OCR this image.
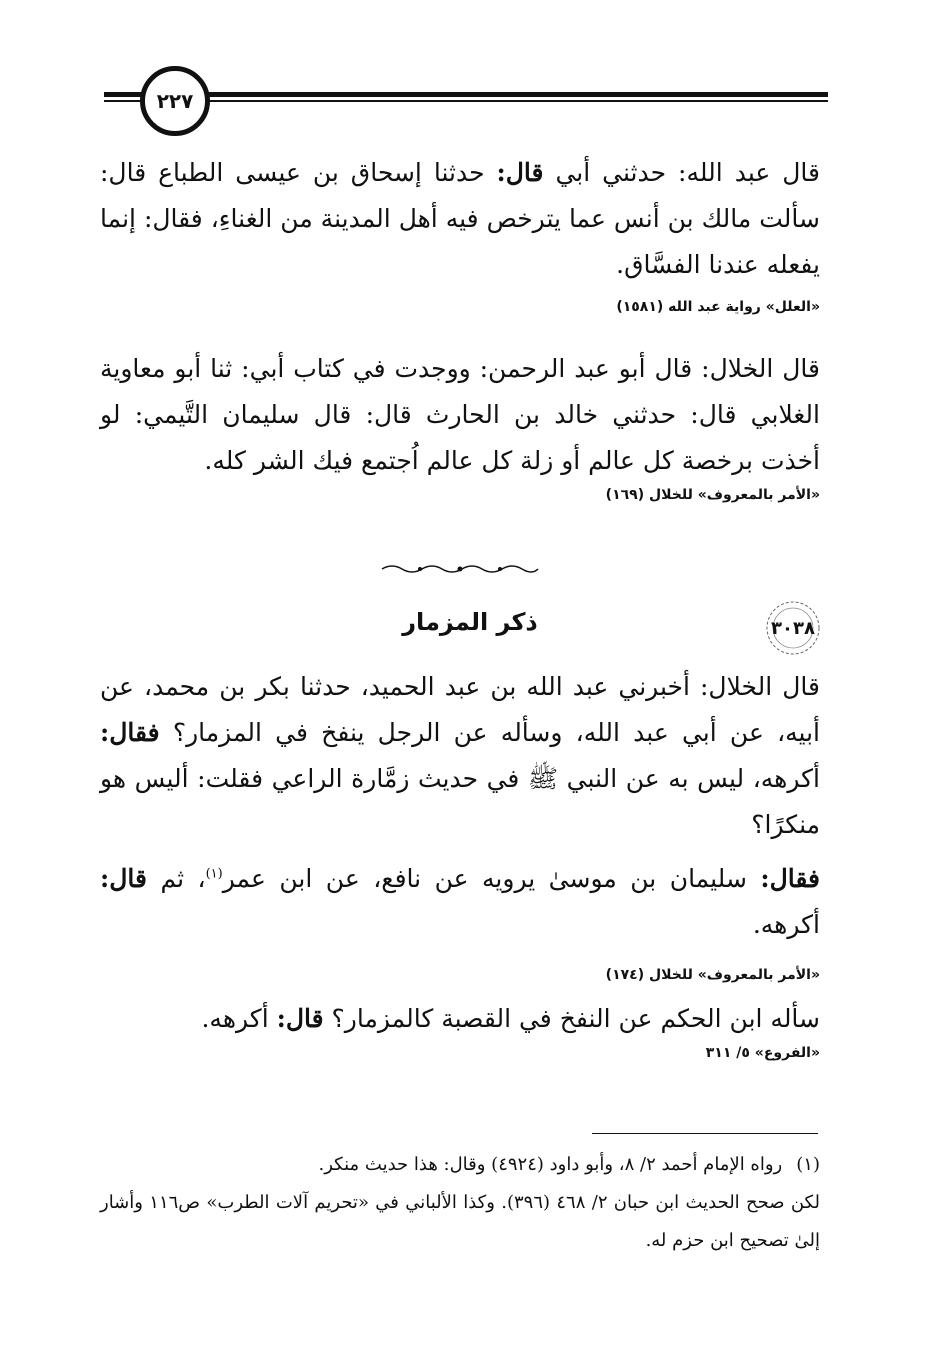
٢٢٧

قال عبد الله: حدثني أبي قال: حدثنا إسحاق بن عيسى الطباع قال: سألت مالك بن أنس عما يترخص فيه أهل المدينة من الغناءِ، فقال: إنما يفعله عندنا الفسَّاق.

«العلل» رواية عبد الله (١٥٨١)

قال الخلال: قال أبو عبد الرحمن: ووجدت في كتاب أبي: ثنا أبو معاوية الغلابي قال: حدثني خالد بن الحارث قال: قال سليمان التَّيمي: لو أخذت برخصة كل عالم أو زلة كل عالم اُجتمع فيك الشر كله.

«الأمر بالمعروف» للخلال (١٦٩)

ذكر المزمار	٣٠٣٨

قال الخلال: أخبرني عبد الله بن عبد الحميد، حدثنا بكر بن محمد، عن أبيه، عن أبي عبد الله، وسأله عن الرجل ينفخ في المزمار؟ فقال: أكرهه، ليس به عن النبي ﷺ في حديث زمَّارة الراعي فقلت: أليس هو منكرًا؟

فقال: سليمان بن موسىٰ يرويه عن نافع، عن ابن عمر$^{(١)}$، ثم قال: أكرهه.

«الأمر بالمعروف» للخلال (١٧٤)

سأله ابن الحكم عن النفخ في القصبة كالمزمار؟ قال: أكرهه.

«الفروع» ٥/ ٣١١

(١)رواه الإمام أحمد ٢/ ٨، وأبو داود (٤٩٢٤) وقال: هذا حديث منكر.

لكن صحح الحديث ابن حبان ٢/ ٤٦٨ (٣٩٦). وكذا الألباني في «تحريم آلات الطرب» ص١١٦ وأشار إلىٰ تصحيح ابن حزم له.
